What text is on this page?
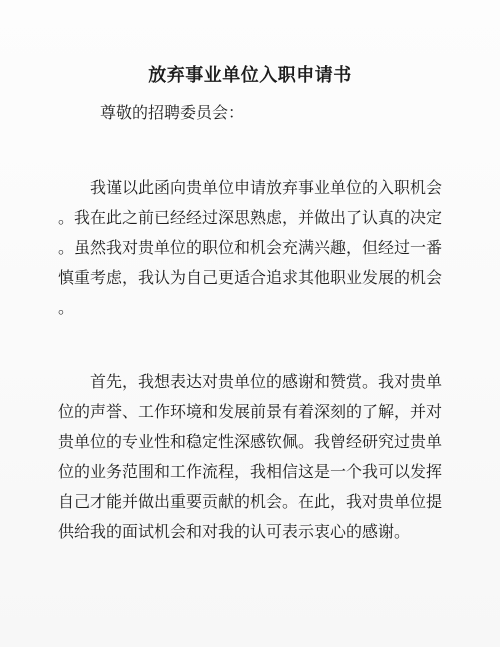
放弃事业单位入职申请书

尊敬的招聘委员会：

　　我谨以此函向贵单位申请放弃事业单位的入职机会
。我在此之前已经经过深思熟虑，并做出了认真的决定
。虽然我对贵单位的职位和机会充满兴趣，但经过一番
慎重考虑，我认为自己更适合追求其他职业发展的机会
。

　　首先，我想表达对贵单位的感谢和赞赏。我对贵单
位的声誉、工作环境和发展前景有着深刻的了解，并对
贵单位的专业性和稳定性深感钦佩。我曾经研究过贵单
位的业务范围和工作流程，我相信这是一个我可以发挥
自己才能并做出重要贡献的机会。在此，我对贵单位提
供给我的面试机会和对我的认可表示衷心的感谢。
